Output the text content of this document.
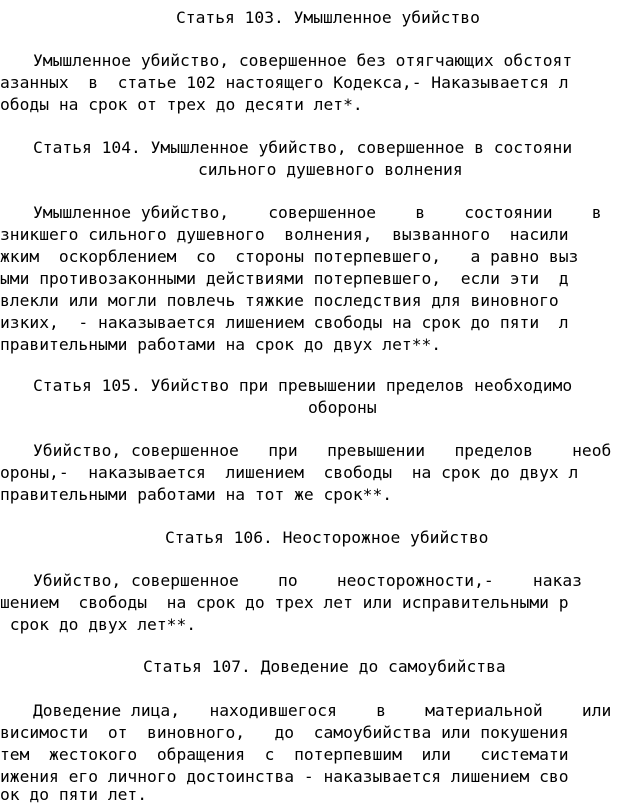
Статья 103. Умышленное убийство
Умышленное убийство, совершенное без отягчающих обстоят
азанных  в  статье 102 настоящего Кодекса,- Наказывается л
ободы на срок от трех до десяти лет*.
Статья 104. Умышленное убийство, совершенное в состояни
сильного душевного волнения
Умышленное убийство,    совершенное    в    состоянии    в
зникшего сильного душевного  волнения,  вызванного  насили
жким  оскорблением  со  стороны потерпевшего,   а равно выз
ыми противозаконными действиями потерпевшего,  если эти  д
влекли или могли повлечь тяжкие последствия для виновного
изких,  - наказывается лишением свободы на срок до пяти  л
правительными работами на срок до двух лет**.
Статья 105. Убийство при превышении пределов необходимо
обороны
Убийство, совершенное   при   превышении   пределов    необ
ороны,-  наказывается  лишением  свободы  на срок до двух л
правительными работами на тот же срок**.
Статья 106. Неосторожное убийство
Убийство, совершенное    по    неосторожности,-    наказ
шением  свободы  на срок до трех лет или исправительными р
срок до двух лет**.
Статья 107. Доведение до самоубийства
Доведение лица,   находившегося    в    материальной    или
висимости  от  виновного,   до  самоубийства или покушения
тем  жестокого  обращения  с  потерпевшим  или   системати
ижения его личного достоинства - наказывается лишением сво
ок до пяти лет.
